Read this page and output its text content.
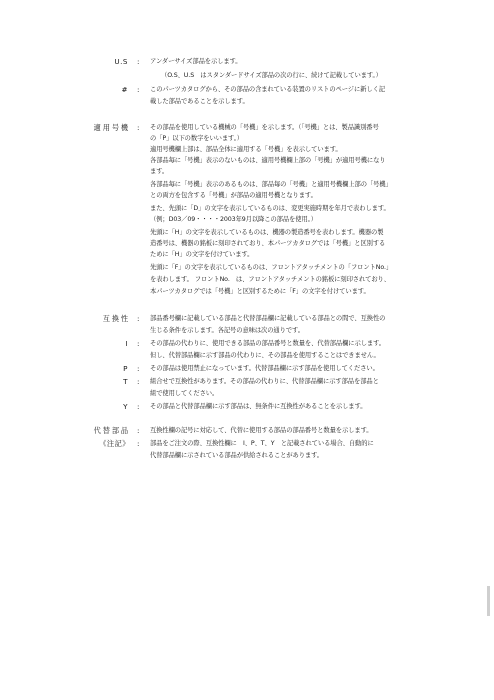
U.S : アンダーサイズ部品を示します。
（O.S、U.S　はスタンダードサイズ部品の次の行に、続けて記載しています。）
# : このパーツカタログから、その部品の含まれている装置のリストのページに新しく記
載した部品であることを示します。
適用号機 : その部品を使用している機械の「号機」を示します。（「号機」とは、製品識別番号
の「P」以下の数字をいいます。）
適用号機欄上部は、部品全体に適用する「号機」を表示しています。
各部品毎に「号機」表示のないものは、適用号機欄上部の「号機」が適用号機になり
ます。
各部品毎に「号機」表示のあるものは、部品毎の「号機」と適用号機欄上部の「号機」
との両方を包含する「号機」が部品の適用号機となります。
また、先頭に「D」の文字を表示しているものは、変更実施時期を年月で表わします。
（例；D03／09・・・・2003年9月以降この部品を使用。）
先頭に「H」の文字を表示しているものは、機器の製造番号を表わします。機器の製
造番号は、機器の銘板に刻印されており、本パーツカタログでは「号機」と区別する
ために「H」の文字を付けています。
先頭に「F」の文字を表示しているものは、フロントアタッチメントの「フロントNo.」
を表わします。 フロントNo.　は、フロントアタッチメントの銘板に刻印されており、
本パーツカタログでは「号機」と区別するために「F」の文字を付けています。
互換性 : 部品番号欄に記載している部品と代替部品欄に記載している部品との間で、互換性の
生じる条件を示します。各記号の意味は次の通りです。
I : その部品の代わりに、使用できる部品の部品番号と数量を、代替部品欄に示します。
但し、代替部品欄に示す部品の代わりに、その部品を使用することはできません。
P : その部品は使用禁止になっています。代替部品欄に示す部品を使用してください。
T : 組合せで互換性があります。その部品の代わりに、代替部品欄に示す部品を部品と
組で使用してください。
Y : その部品と代替部品欄に示す部品は、無条件に互換性があることを示します。
代替部品 : 互換性欄の記号に対応して、代替に使用する部品の部品番号と数量を示します。
《注記》 : 部品をご注文の際、互換性欄に　I、P、T、Y　と記載されている場合、自動的に
代替部品欄に示されている部品が供給されることがあります。
